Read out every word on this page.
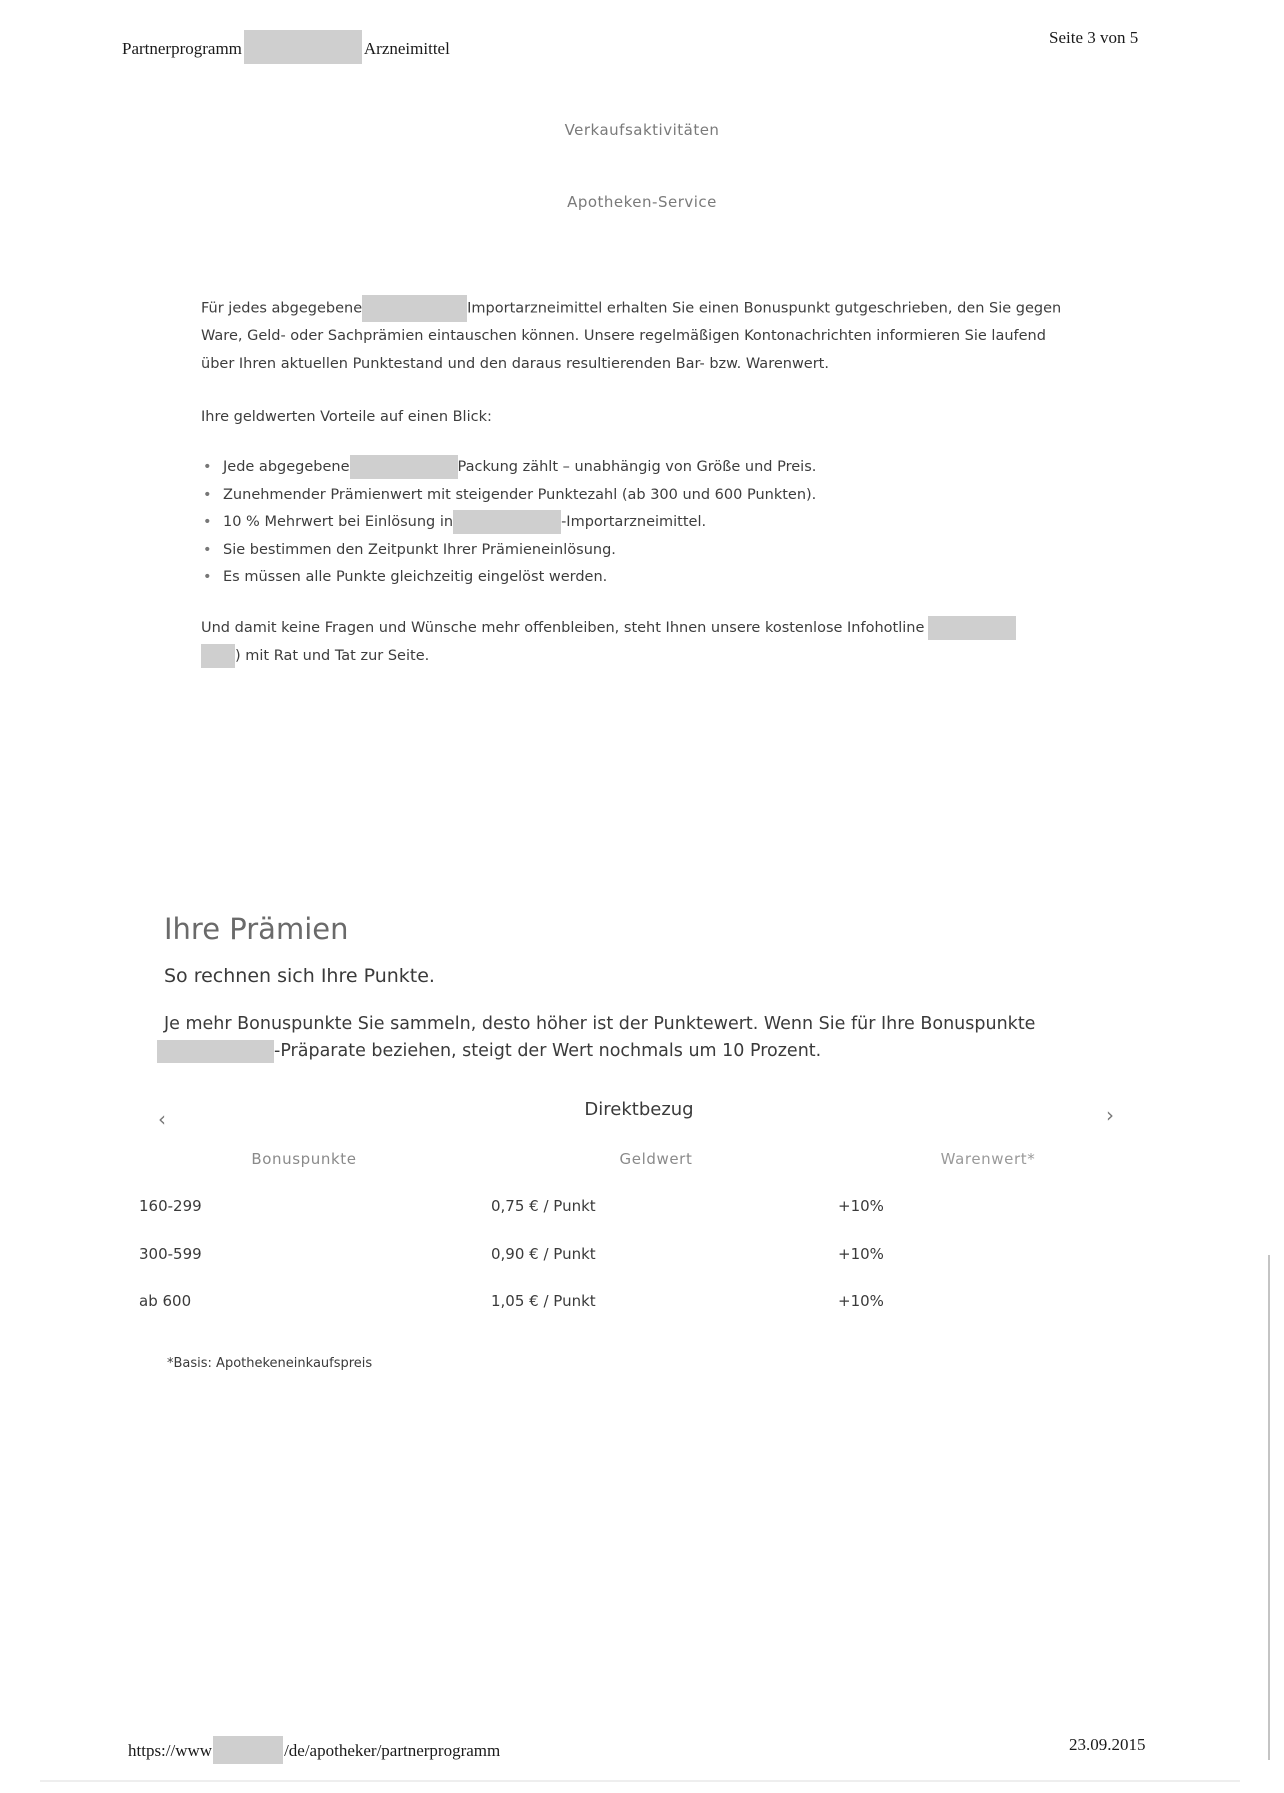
Partnerprogramm	Arzneimittel
Seite 3 von 5
Verkaufsaktivitäten
Apotheken-Service
Für jedes abgegebene	Importarzneimittel erhalten Sie einen Bonuspunkt gutgeschrieben, den Sie gegen Ware, Geld- oder Sachprämien eintauschen können. Unsere regelmäßigen Kontonachrichten informieren Sie laufend über Ihren aktuellen Punktestand und den daraus resultierenden Bar- bzw. Warenwert.
Ihre geldwerten Vorteile auf einen Blick:
• Jede abgegebene	Packung zählt – unabhängig von Größe und Preis.
• Zunehmender Prämienwert mit steigender Punktezahl (ab 300 und 600 Punkten).
• 10 % Mehrwert bei Einlösung in	-Importarzneimittel.
• Sie bestimmen den Zeitpunkt Ihrer Prämieneinlösung.
• Es müssen alle Punkte gleichzeitig eingelöst werden.
Und damit keine Fragen und Wünsche mehr offenbleiben, steht Ihnen unsere kostenlose Infohotline
) mit Rat und Tat zur Seite.
Ihre Prämien
So rechnen sich Ihre Punkte.
Je mehr Bonuspunkte Sie sammeln, desto höher ist der Punktewert. Wenn Sie für Ihre Bonuspunkte
-Präparate beziehen, steigt der Wert nochmals um 10 Prozent.
‹	Direktbezug	›
Bonuspunkte	Geldwert	Warenwert*
160-299	0,75 € / Punkt	+10%
300-599	0,90 € / Punkt	+10%
ab 600	1,05 € / Punkt	+10%
*Basis: Apothekeneinkaufspreis
https://www	/de/apotheker/partnerprogramm	23.09.2015
